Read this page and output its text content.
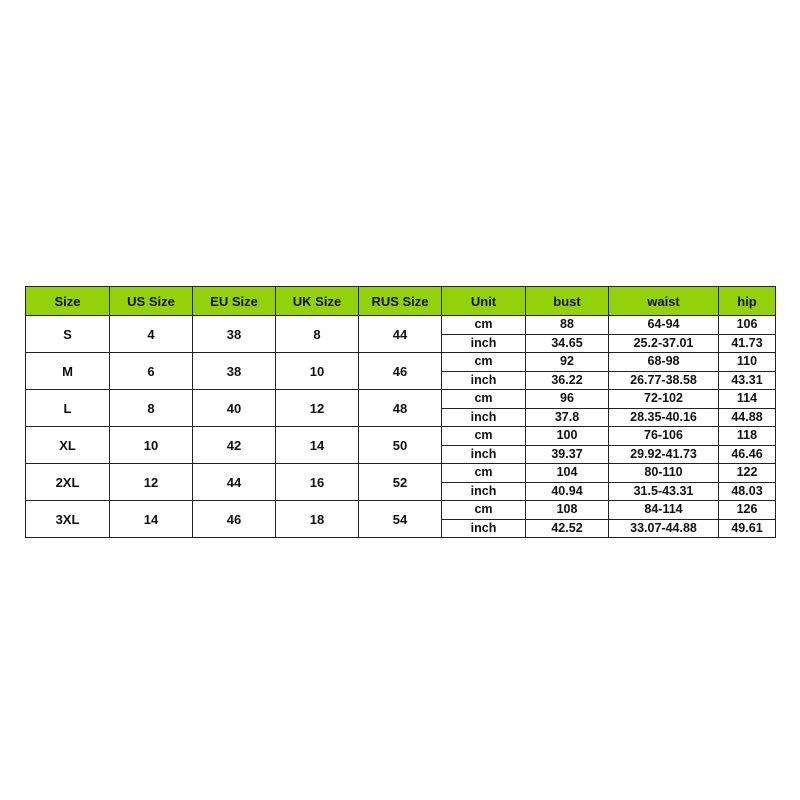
Size	US Size	EU Size	UK Size	RUS Size	Unit	bust	waist	hip
S	4	38	8	44	cm	88	64-94	106
					inch	34.65	25.2-37.01	41.73
M	6	38	10	46	cm	92	68-98	110
					inch	36.22	26.77-38.58	43.31
L	8	40	12	48	cm	96	72-102	114
					inch	37.8	28.35-40.16	44.88
XL	10	42	14	50	cm	100	76-106	118
					inch	39.37	29.92-41.73	46.46
2XL	12	44	16	52	cm	104	80-110	122
					inch	40.94	31.5-43.31	48.03
3XL	14	46	18	54	cm	108	84-114	126
					inch	42.52	33.07-44.88	49.61
